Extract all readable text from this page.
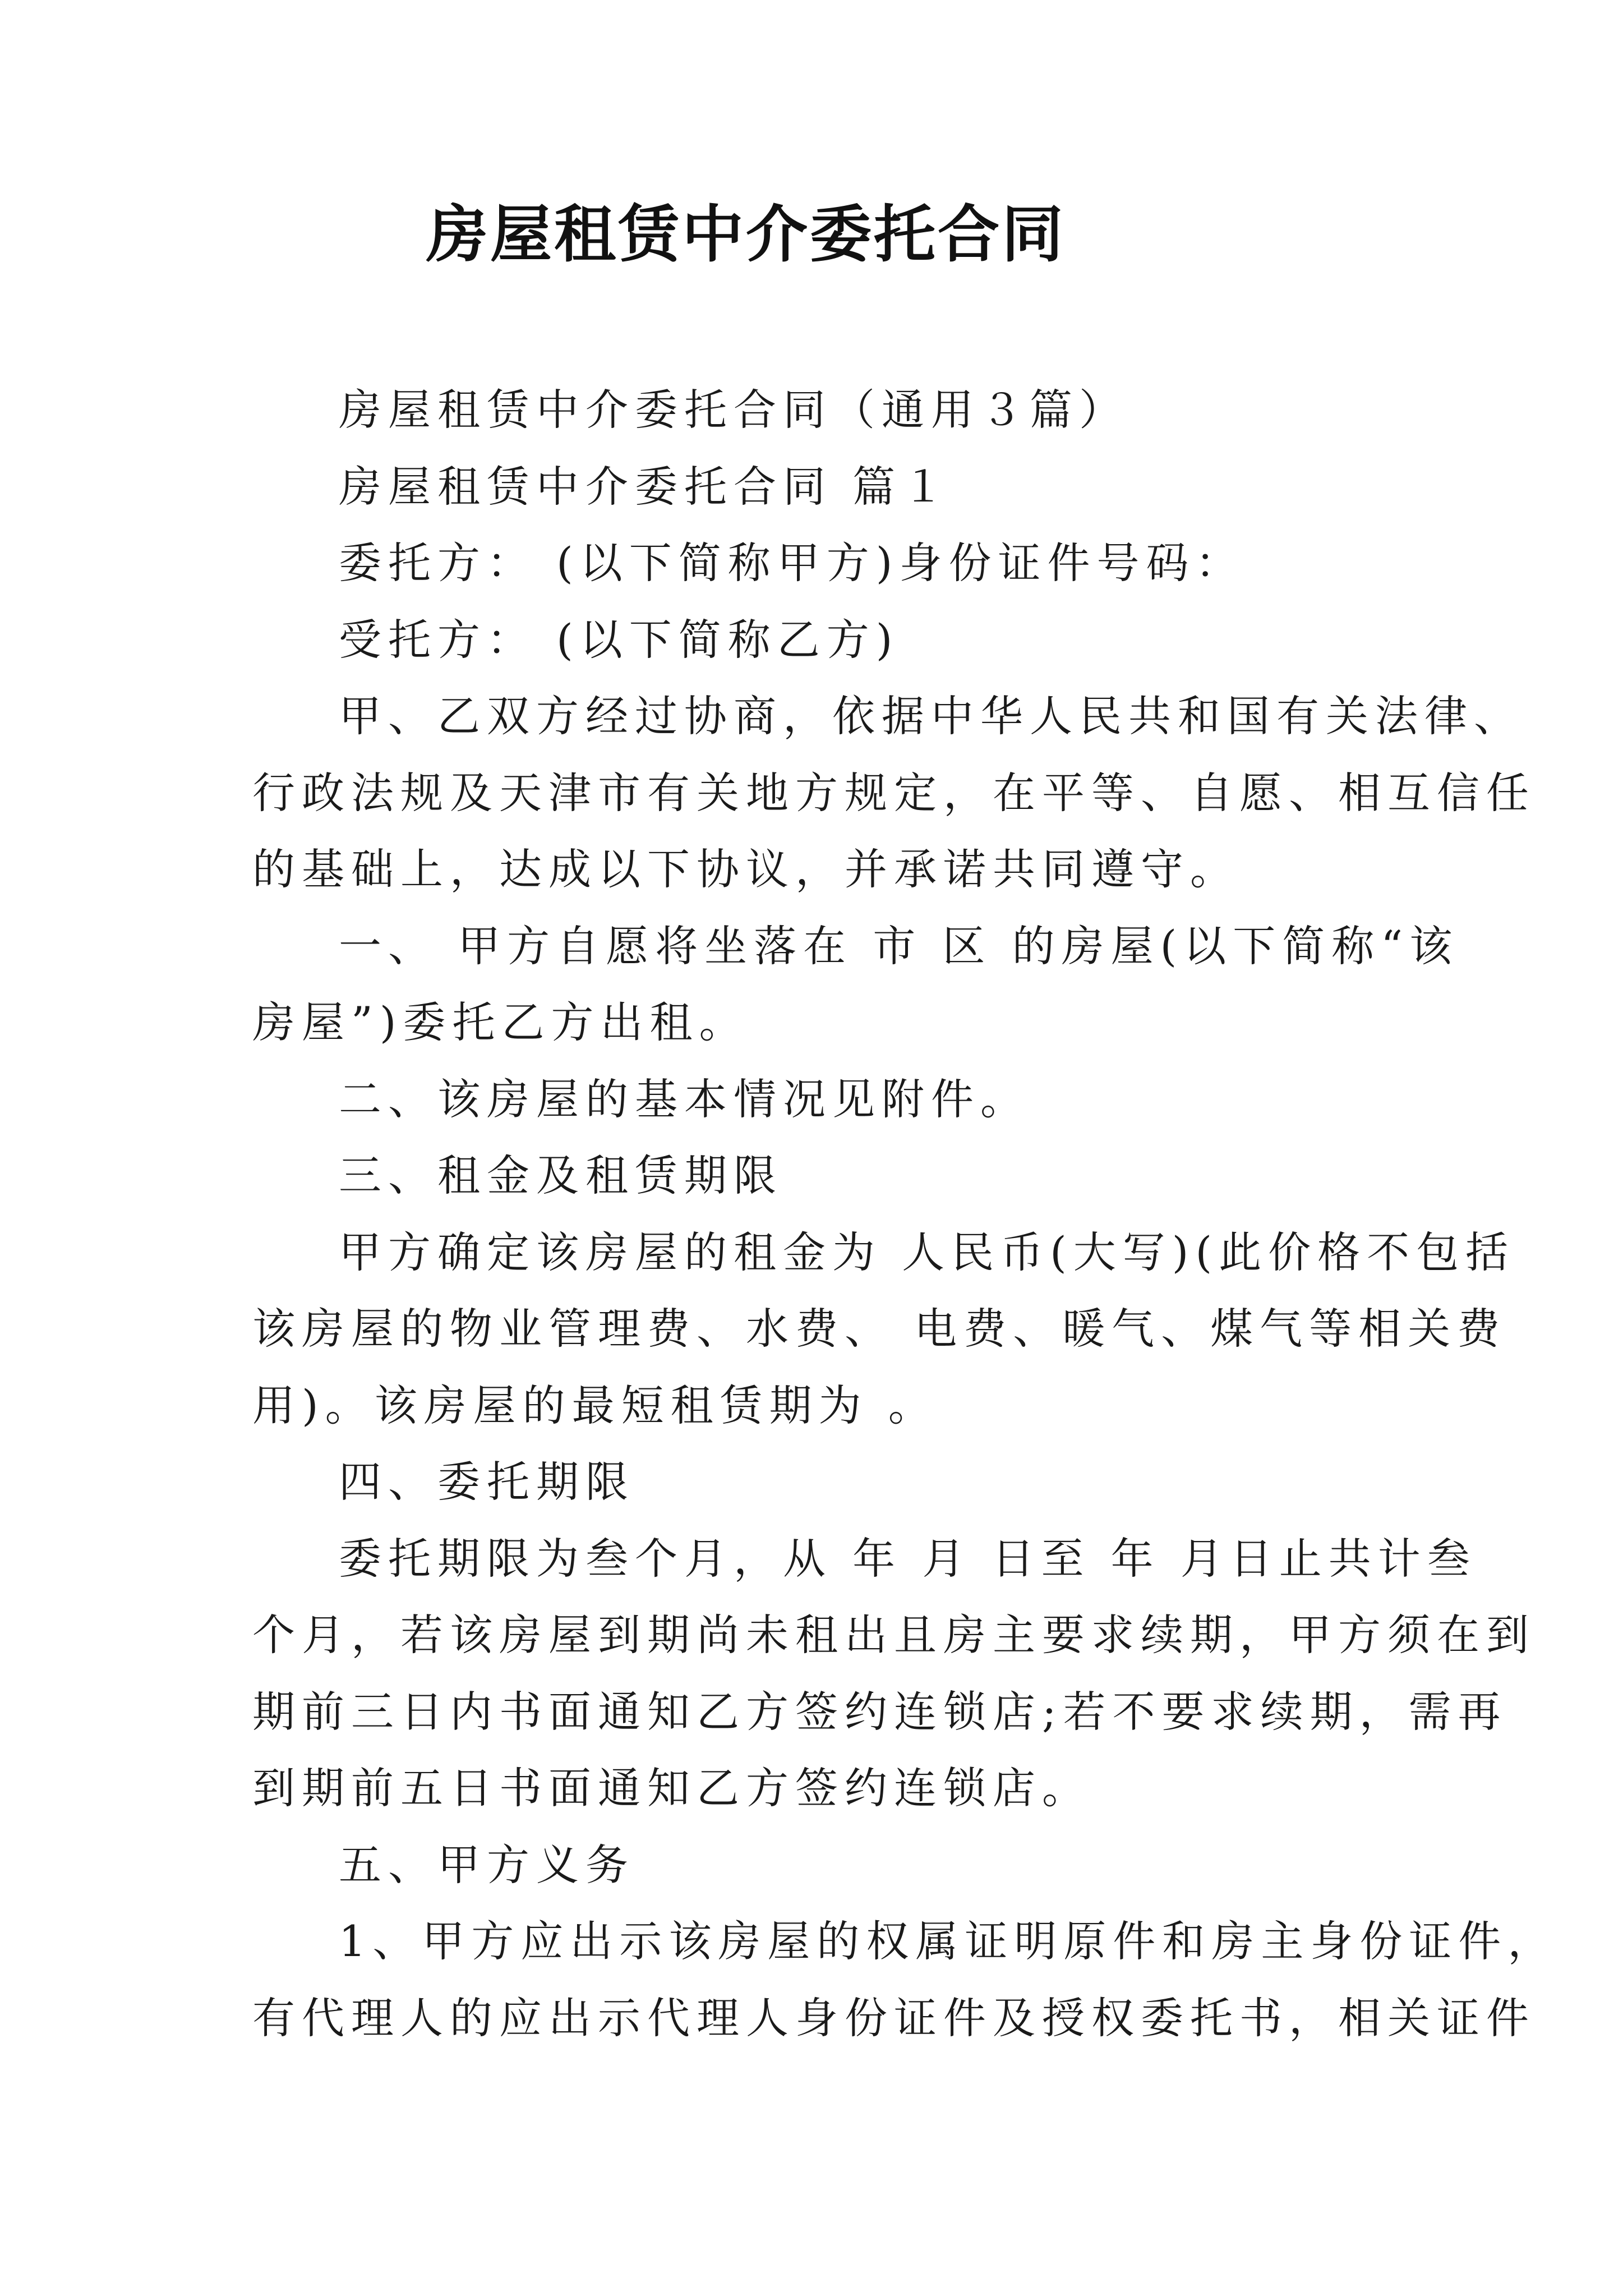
房屋租赁中介委托合同
房屋租赁中介委托合同（通用３篇）
房屋租赁中介委托合同 篇１
委托方： (以下简称甲方)身份证件号码：
受托方： (以下简称乙方)
甲、乙双方经过协商，依据中华人民共和国有关法律、
行政法规及天津市有关地方规定，在平等、自愿、相互信任
的基础上，达成以下协议，并承诺共同遵守。
一、 甲方自愿将坐落在 市 区 的房屋(以下简称“该
房屋”)委托乙方出租。
二、该房屋的基本情况见附件。
三、租金及租赁期限
甲方确定该房屋的租金为 人民币(大写)(此价格不包括
该房屋的物业管理费、水费、 电费、暖气、煤气等相关费
用)。该房屋的最短租赁期为 。
四、委托期限
委托期限为叁个月，从 年 月 日至 年 月日止共计叁
个月，若该房屋到期尚未租出且房主要求续期，甲方须在到
期前三日内书面通知乙方签约连锁店;若不要求续期，需再
到期前五日书面通知乙方签约连锁店。
五、甲方义务
1、甲方应出示该房屋的权属证明原件和房主身份证件，
有代理人的应出示代理人身份证件及授权委托书，相关证件
